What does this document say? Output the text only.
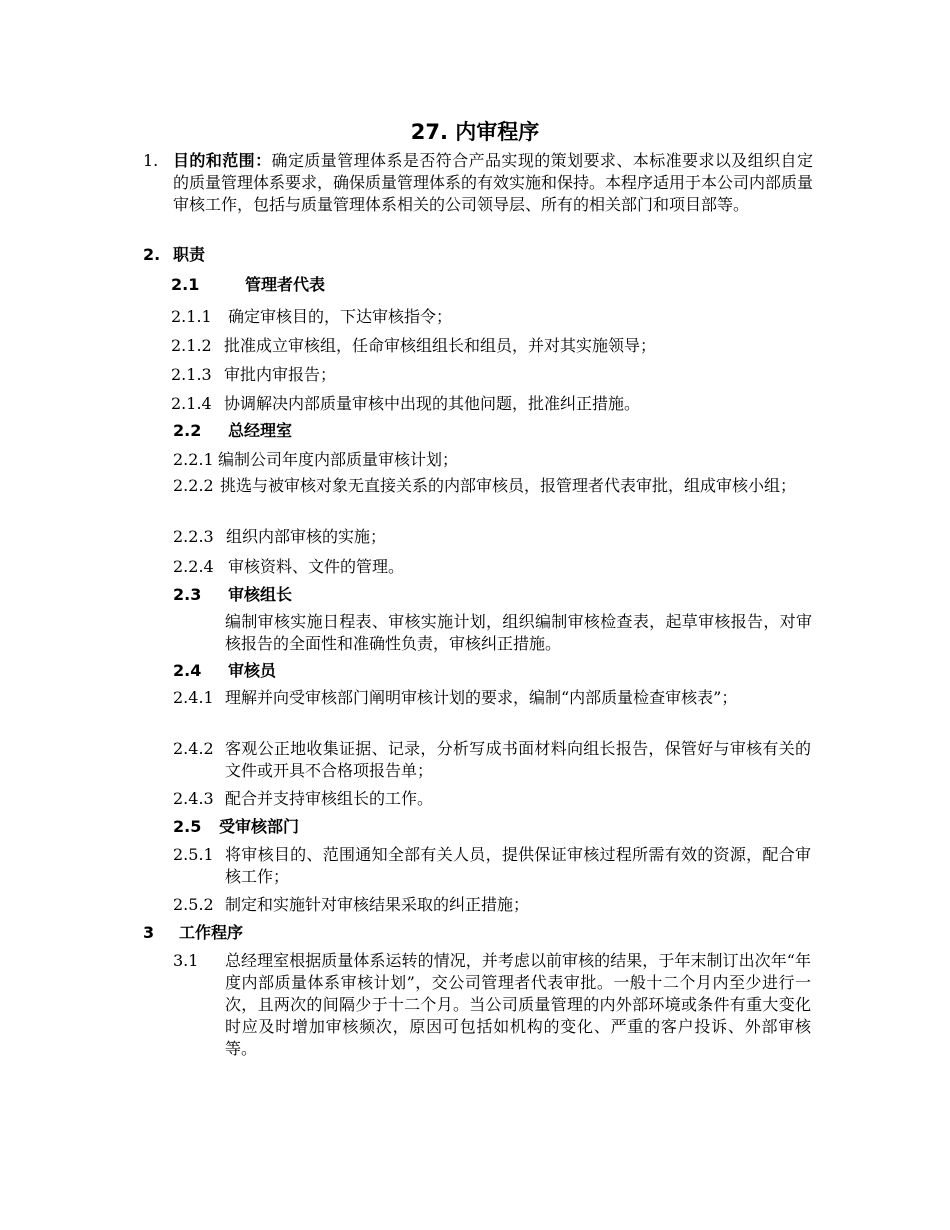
27. 内审程序
1. 目的和范围：确定质量管理体系是否符合产品实现的策划要求、本标准要求以及组织自定的质量管理体系要求，确保质量管理体系的有效实施和保持。本程序适用于本公司内部质量审核工作，包括与质量管理体系相关的公司领导层、所有的相关部门和项目部等。
2. 职责
2.1	管理者代表
2.1.1 确定审核目的，下达审核指令；
2.1.2 批准成立审核组，任命审核组组长和组员，并对其实施领导；
2.1.3 审批内审报告；
2.1.4 协调解决内部质量审核中出现的其他问题，批准纠正措施。
2.2 总经理室
2.2.1 编制公司年度内部质量审核计划；
2.2.2 挑选与被审核对象无直接关系的内部审核员，报管理者代表审批，组成审核小组；
2.2.3 组织内部审核的实施；
2.2.4 审核资料、文件的管理。
2.3 审核组长
编制审核实施日程表、审核实施计划，组织编制审核检查表，起草审核报告，对审核报告的全面性和准确性负责，审核纠正措施。
2.4 审核员
2.4.1 理解并向受审核部门阐明审核计划的要求，编制“内部质量检查审核表”；
2.4.2 客观公正地收集证据、记录，分析写成书面材料向组长报告，保管好与审核有关的文件或开具不合格项报告单；
2.4.3 配合并支持审核组长的工作。
2.5 受审核部门
2.5.1 将审核目的、范围通知全部有关人员，提供保证审核过程所需有效的资源，配合审核工作；
2.5.2 制定和实施针对审核结果采取的纠正措施；
3 工作程序
3.1 总经理室根据质量体系运转的情况，并考虑以前审核的结果，于年末制订出次年“年度内部质量体系审核计划”，交公司管理者代表审批。一般十二个月内至少进行一次，且两次的间隔少于十二个月。当公司质量管理的内外部环境或条件有重大变化时应及时增加审核频次，原因可包括如机构的变化、严重的客户投诉、外部审核等。
